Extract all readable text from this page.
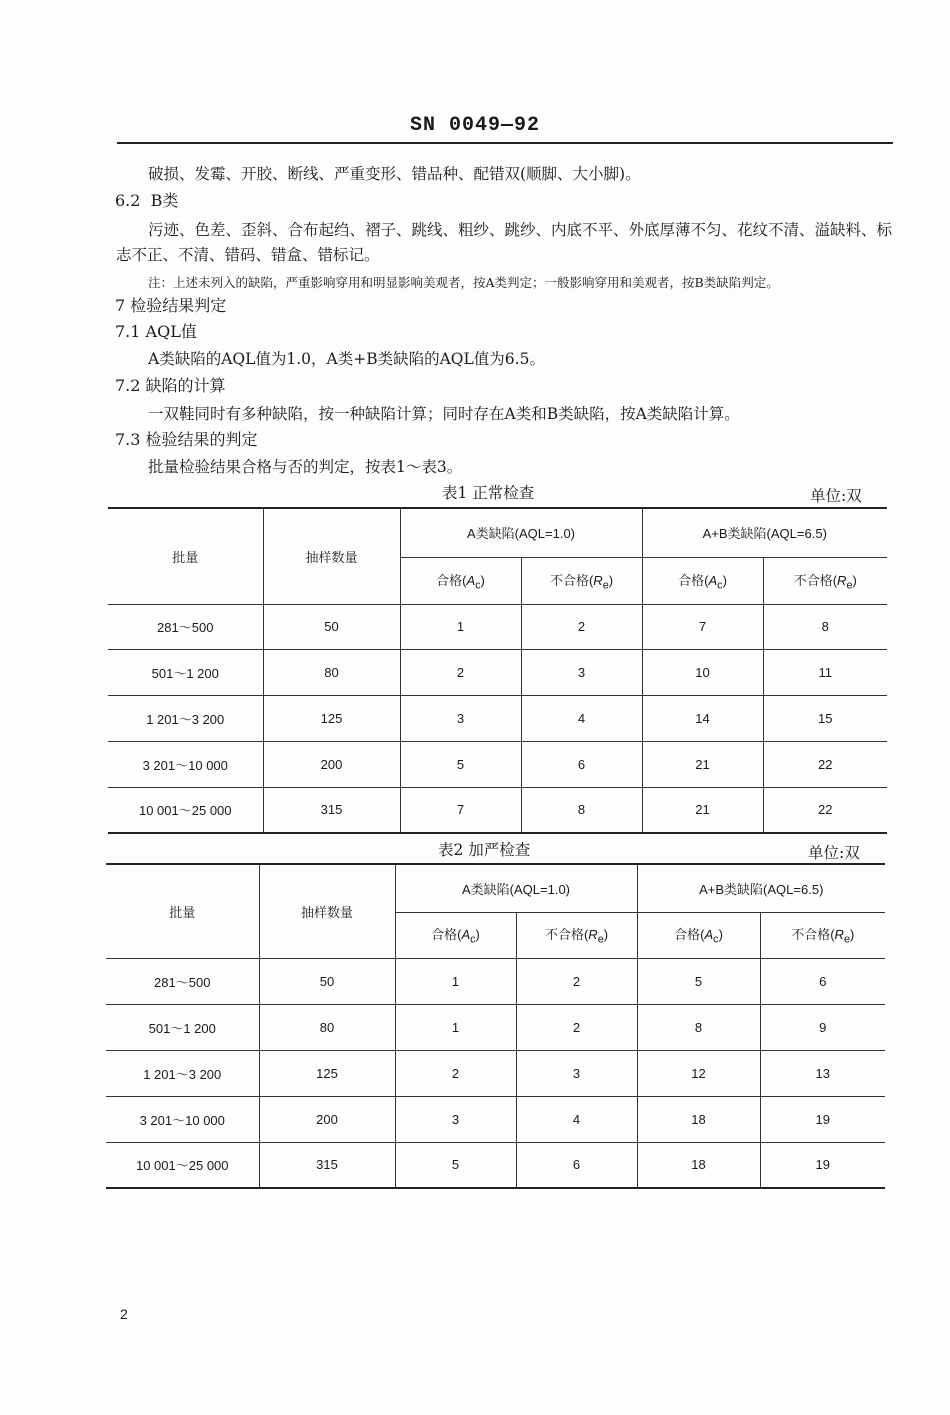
SN 0049—92
破损、发霉、开胶、断线、严重变形、错品种、配错双(顺脚、大小脚)。
6.2 B类
污迹、色差、歪斜、合布起绉、褶子、跳线、粗纱、跳纱、内底不平、外底厚薄不匀、花纹不清、溢缺料、标
志不正、不清、错码、错盒、错标记。
注：上述未列入的缺陷，严重影响穿用和明显影响美观者，按A类判定；一般影响穿用和美观者，按B类缺陷判定。
7 检验结果判定
7.1 AQL值
A类缺陷的AQL值为1.0，A类+B类缺陷的AQL值为6.5。
7.2 缺陷的计算
一双鞋同时有多种缺陷，按一种缺陷计算；同时存在A类和B类缺陷，按A类缺陷计算。
7.3 检验结果的判定
批量检验结果合格与否的判定，按表1～表3。
表1 正常检查	单位:双
批量	抽样数量	A类缺陷(AQL=1.0)		A+B类缺陷(AQL=6.5)	
		合格$(A_c)$	不合格$(R_e)$	合格$(A_c)$	不合格$(R_e)$
281～500	50	1	2	7	8
501～1 200	80	2	3	10	11
1 201～3 200	125	3	4	14	15
3 201～10 000	200	5	6	21	22
10 001～25 000	315	7	8	21	22
表2 加严检查	单位:双
批量	抽样数量	A类缺陷(AQL=1.0)		A+B类缺陷(AQL=6.5)	
		合格$(A_c)$	不合格$(R_e)$	合格$(A_c)$	不合格$(R_e)$
281～500	50	1	2	5	6
501～1 200	80	1	2	8	9
1 201～3 200	125	2	3	12	13
3 201～10 000	200	3	4	18	19
10 001～25 000	315	5	6	18	19
2
